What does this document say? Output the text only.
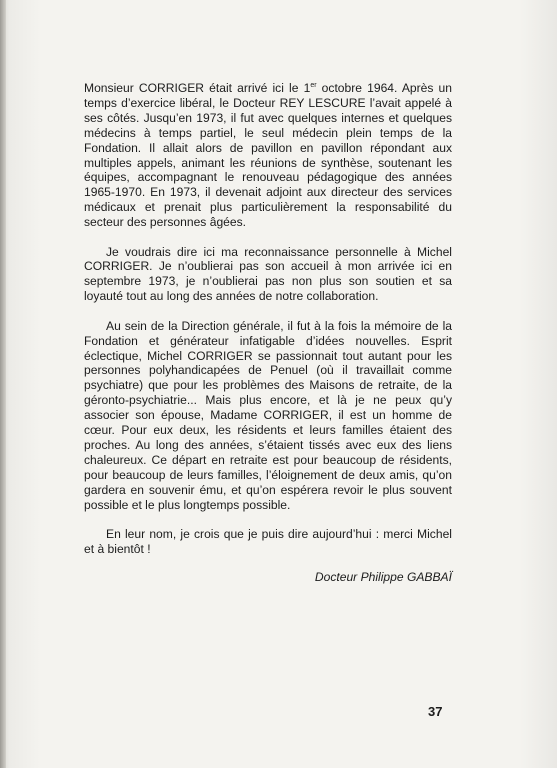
Monsieur CORRIGER était arrivé ici le 1er octobre 1964. Après un temps d’exercice libéral, le Docteur REY LESCURE l’avait appelé à ses côtés. Jusqu’en 1973, il fut avec quelques internes et quelques médecins à temps partiel, le seul médecin plein temps de la Fondation. Il allait alors de pavillon en pavillon répondant aux multiples appels, animant les réunions de synthèse, soutenant les équipes, accompagnant le renouveau pédagogique des années 1965-1970. En 1973, il devenait adjoint aux directeur des services médicaux et prenait plus particulièrement la responsabilité du secteur des personnes âgées.

Je voudrais dire ici ma reconnaissance personnelle à Michel CORRIGER. Je n’oublierai pas son accueil à mon arrivée ici en septembre 1973, je n’oublierai pas non plus son soutien et sa loyauté tout au long des années de notre collaboration.

Au sein de la Direction générale, il fut à la fois la mémoire de la Fondation et générateur infatigable d’idées nouvelles. Esprit éclectique, Michel CORRIGER se passionnait tout autant pour les personnes polyhandicapées de Penuel (où il travaillait comme psychiatre) que pour les problèmes des Maisons de retraite, de la géronto-psychiatrie... Mais plus encore, et là je ne peux qu’y associer son épouse, Madame CORRIGER, il est un homme de cœur. Pour eux deux, les résidents et leurs familles étaient des proches. Au long des années, s’étaient tissés avec eux des liens chaleureux. Ce départ en retraite est pour beaucoup de résidents, pour beaucoup de leurs familles, l’éloignement de deux amis, qu’on gardera en souvenir ému, et qu’on espérera revoir le plus souvent possible et le plus longtemps possible.

En leur nom, je crois que je puis dire aujourd’hui : merci Michel et à bientôt !

Docteur Philippe GABBAÏ
37
